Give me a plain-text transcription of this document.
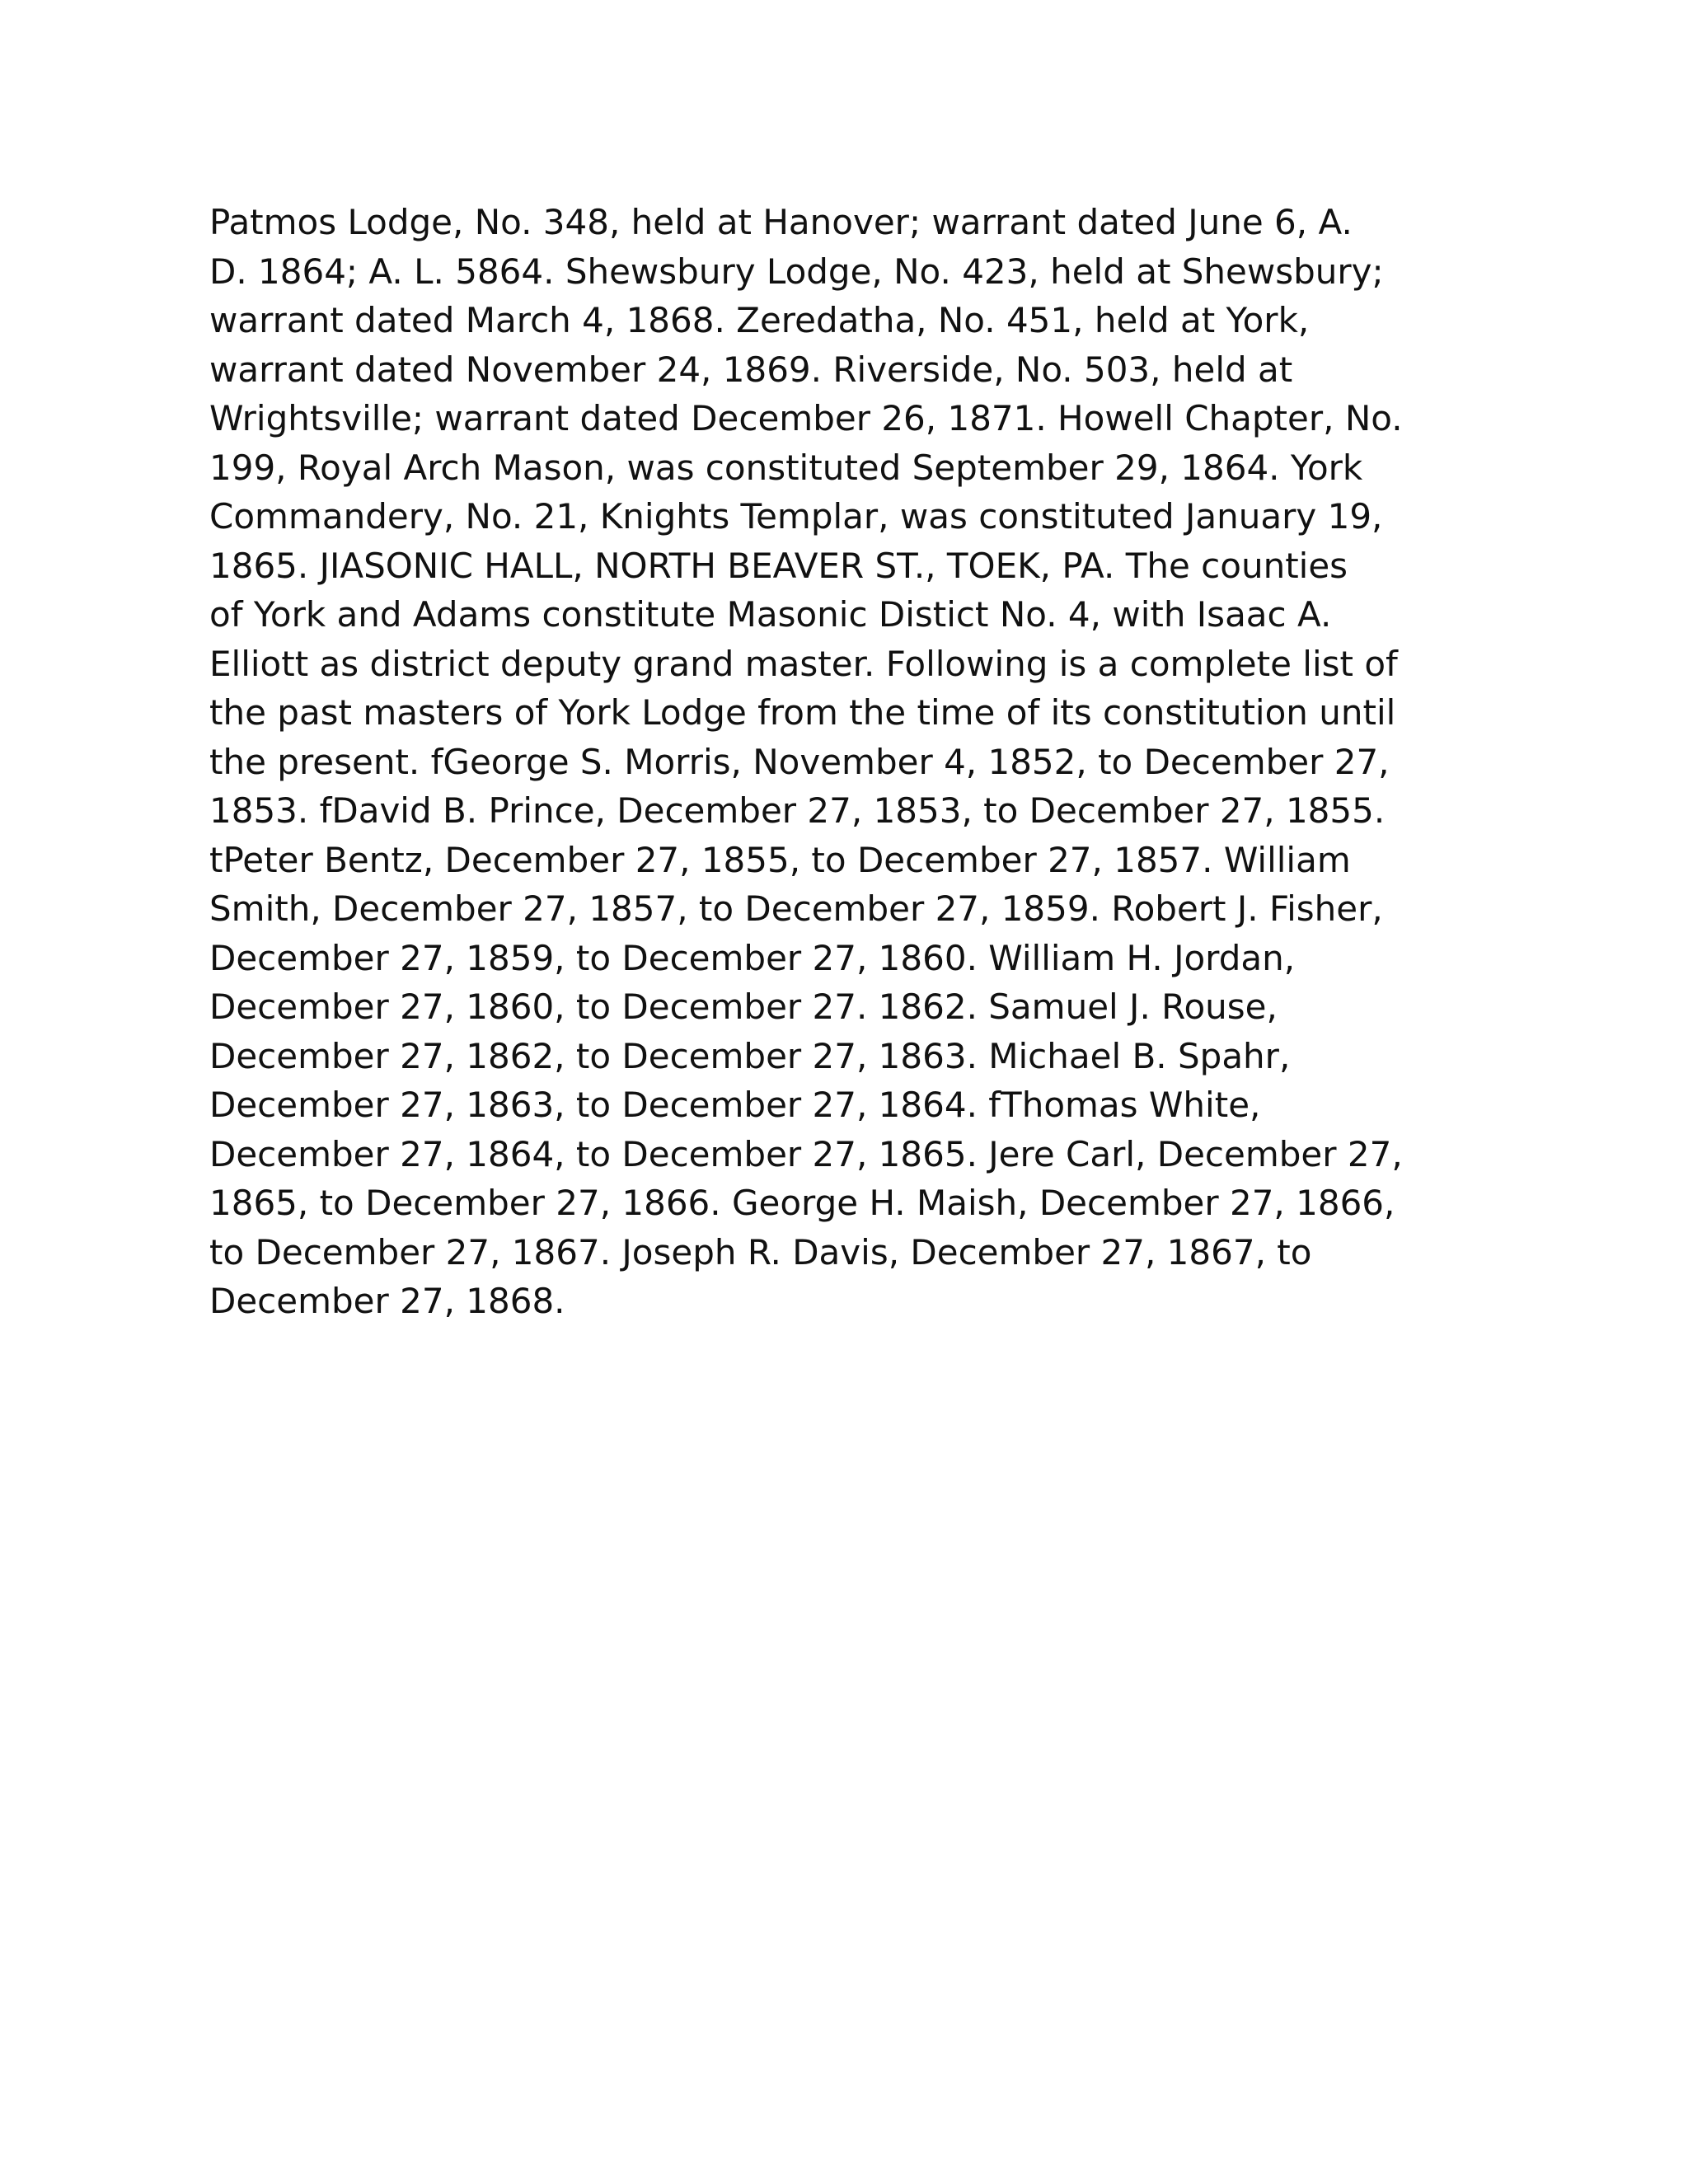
Patmos Lodge, No. 348, held at Hanover; warrant dated June 6, A.
D. 1864; A. L. 5864. Shewsbury Lodge, No. 423, held at Shewsbury;
warrant dated March 4, 1868. Zeredatha, No. 451, held at York,
warrant dated November 24, 1869. Riverside, No. 503, held at
Wrightsville; warrant dated December 26, 1871. Howell Chapter, No.
199, Royal Arch Mason, was constituted September 29, 1864. York
Commandery, No. 21, Knights Templar, was constituted January 19,
1865. JIASONIC HALL, NORTH BEAVER ST., TOEK, PA. The counties
of York and Adams constitute Masonic Distict No. 4, with Isaac A.
Elliott as district deputy grand master. Following is a complete list of
the past masters of York Lodge from the time of its constitution until
the present. fGeorge S. Morris, November 4, 1852, to December 27,
1853. fDavid B. Prince, December 27, 1853, to December 27, 1855.
tPeter Bentz, December 27, 1855, to December 27, 1857. William
Smith, December 27, 1857, to December 27, 1859. Robert J. Fisher,
December 27, 1859, to December 27, 1860. William H. Jordan,
December 27, 1860, to December 27. 1862. Samuel J. Rouse,
December 27, 1862, to December 27, 1863. Michael B. Spahr,
December 27, 1863, to December 27, 1864. fThomas White,
December 27, 1864, to December 27, 1865. Jere Carl, December 27,
1865, to December 27, 1866. George H. Maish, December 27, 1866,
to December 27, 1867. Joseph R. Davis, December 27, 1867, to
December 27, 1868.
